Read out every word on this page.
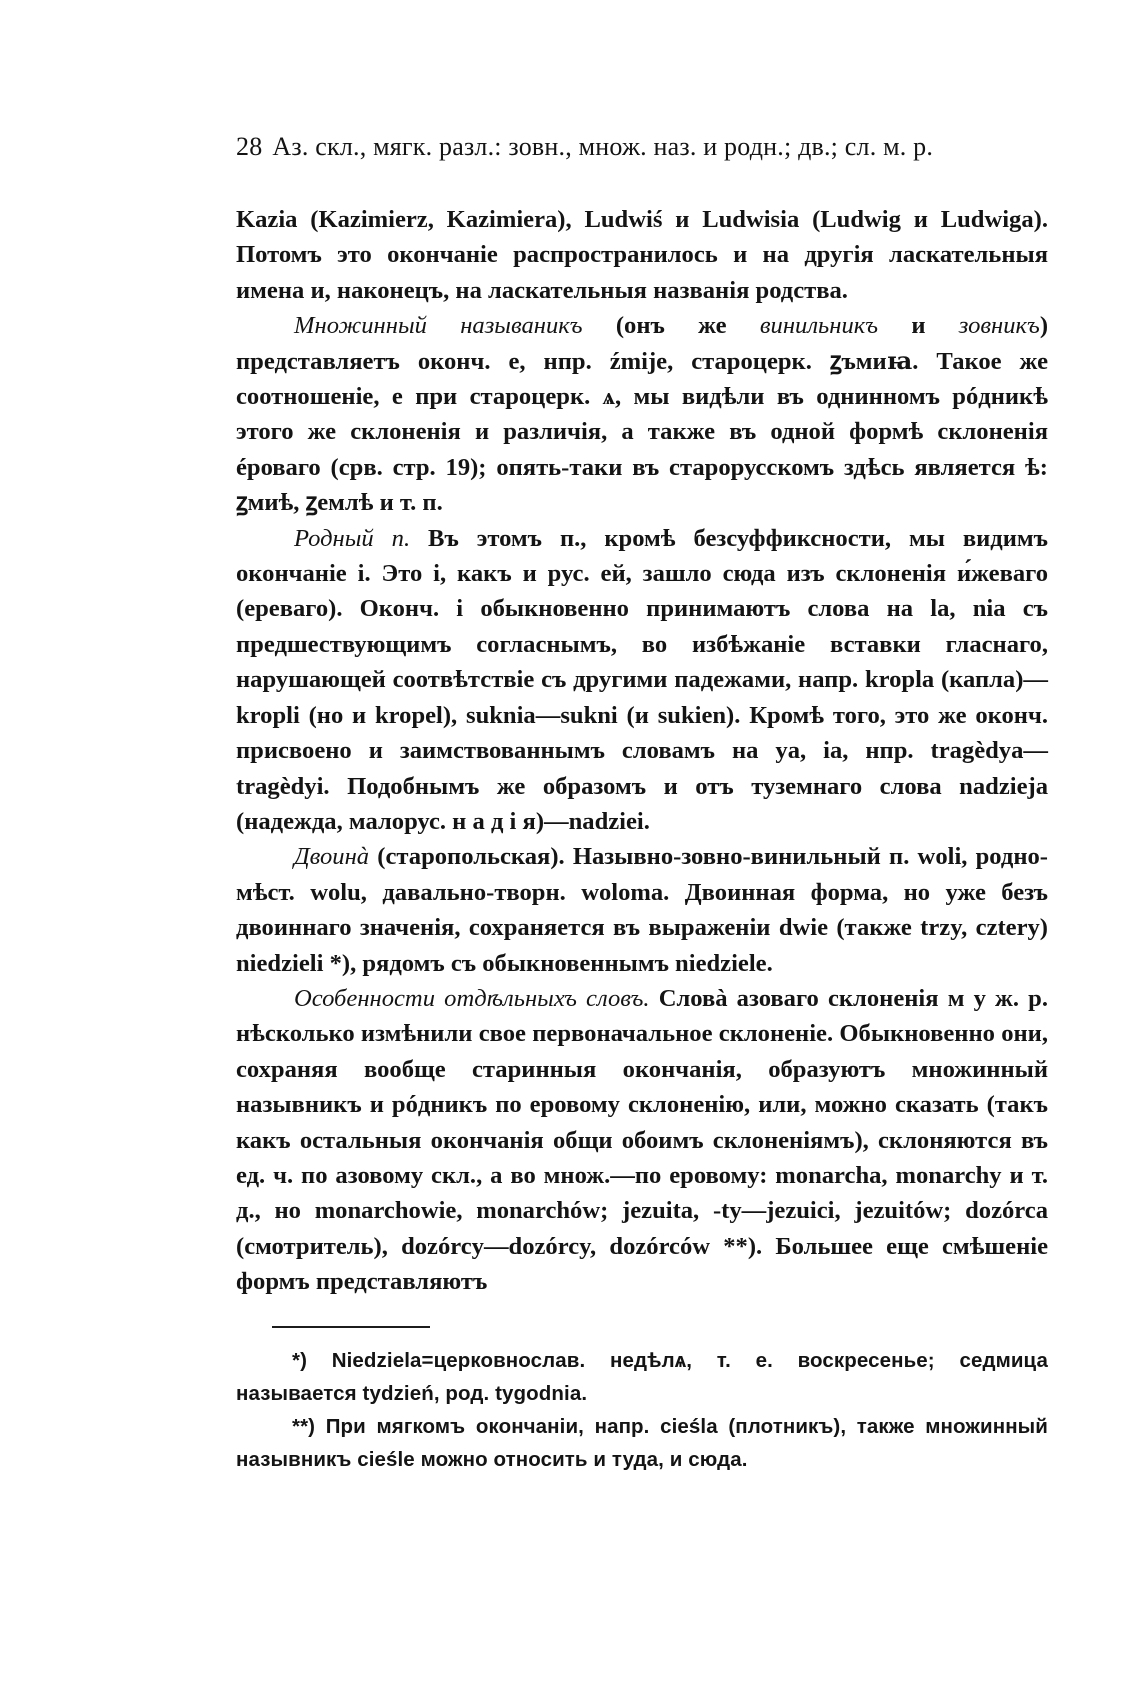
28 Аз. скл., мягк. разл.: зовн., множ. наз. и родн.; дв.; сл. м. р.

Kazia (Kazimierz, Kazimiera), Ludwiś и Ludwisia (Ludwig и Ludwiga). Потомъ это окончаніе распространилось и на другія ласкательныя имена и, наконецъ, на ласкательныя названія родства.

Множинный называникъ (онъ же винильникъ и зовникъ) представляетъ оконч. е, нпр. źmije, староцерк. ꙁъмиꙗ. Такое же соотношеніе, е при староцерк. ѧ, мы видѣли въ однинномъ рóдникѣ этого же склоненія и различія, а также въ одной формѣ склоненія éроваго (срв. стр. 19); опять-таки въ старорусскомъ здѣсь является ѣ: ꙁмиѣ, ꙁемлѣ и т. п.

Родный п. Въ этомъ п., кромѣ безсуффиксности, мы видимъ окончаніе і. Это і, какъ и рус. ей, зашло сюда изъ склоненія и́жеваго (ереваго). Оконч. і обыкновенно принимаютъ слова на la, nia съ предшествующимъ согласнымъ, во избѣжаніе вставки гласнаго, нарушающей соотвѣтствіе съ другими падежами, напр. kropla (капла)—kropli (но и kropel), suknia—sukni (и sukien). Кромѣ того, это же оконч. присвоено и заимствованнымъ словамъ на ya, ia, нпр. tragèdya—tragèdyi. Подобнымъ же образомъ и отъ туземнаго слова nadzieja (надежда, малорус. н а д і я)—nadziei.

Двоинà (старопольская). Назывно-зовно-винильный п. woli, родно-мѣст. wolu, давально-творн. woloma. Двоинная форма, но уже безъ двоиннаго значенія, сохраняется въ выраженіи dwie (также trzy, cztery) niedzieli *), рядомъ съ обыкновеннымъ niedziele.

Особенности отдѣльныхъ словъ. Словà азоваго склоненія м у ж. р. нѣсколько измѣнили свое первоначальное склоненіе. Обыкновенно они, сохраняя вообще старинныя окончанія, образуютъ множинный назывникъ и рóдникъ по еровому склоненію, или, можно сказать (такъ какъ остальныя окончанія общи обоимъ склоненіямъ), склоняются въ ед. ч. по азовому скл., а во множ.—по еровому: monarcha, monarchy и т. д., но monarchowie, monarchów; jezuita, -ty—jezuici, jezuitów; dozórca (смотритель), dozórcy—dozórcy, dozórców **). Большее еще смѣшеніе формъ представляютъ

*) Niedziela=церковнослав. недѣлѧ, т. е. воскресенье; седмица называется tydzień, род. tygodnia.

**) При мягкомъ окончаніи, напр. cieśla (плотникъ), также множинный назывникъ cieśle можно относить и туда, и сюда.
